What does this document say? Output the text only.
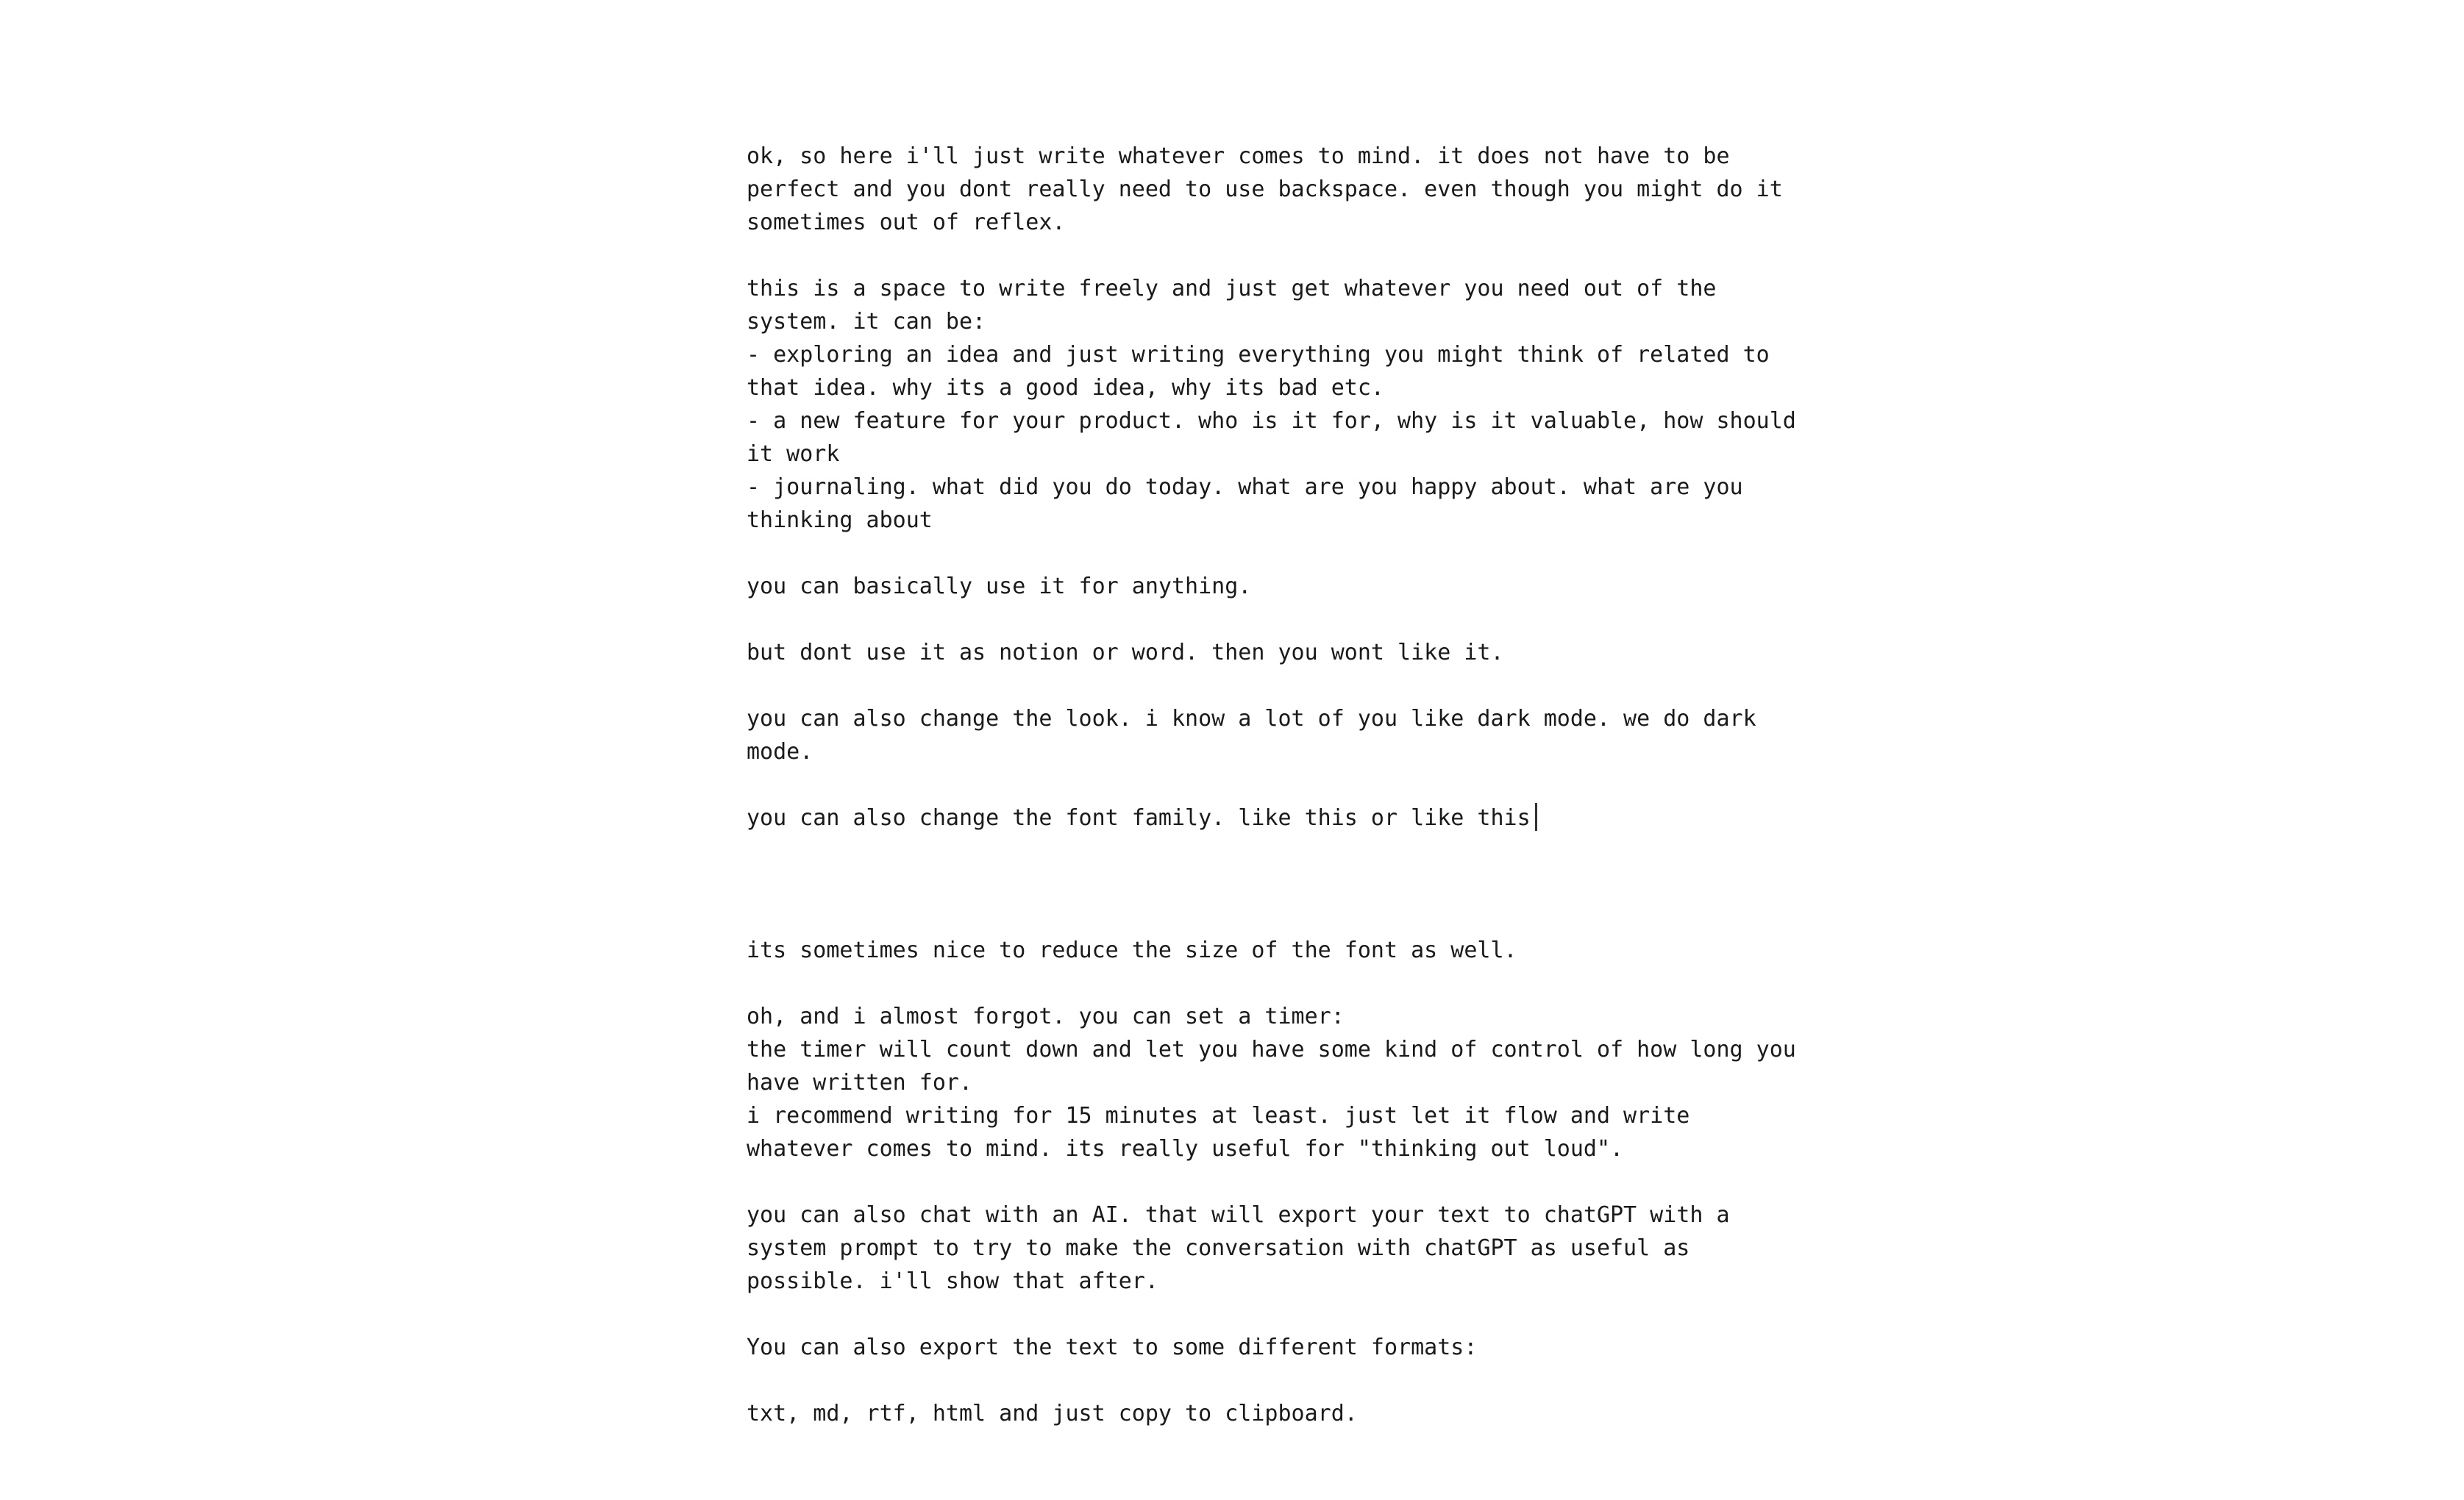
ok, so here i'll just write whatever comes to mind. it does not have to be
perfect and you dont really need to use backspace. even though you might do it
sometimes out of reflex.
this is a space to write freely and just get whatever you need out of the
system. it can be:
- exploring an idea and just writing everything you might think of related to
that idea. why its a good idea, why its bad etc.
- a new feature for your product. who is it for, why is it valuable, how should
it work
- journaling. what did you do today. what are you happy about. what are you
thinking about
you can basically use it for anything.
but dont use it as notion or word. then you wont like it.
you can also change the look. i know a lot of you like dark mode. we do dark
mode.
you can also change the font family. like this or like this
its sometimes nice to reduce the size of the font as well.
oh, and i almost forgot. you can set a timer:
the timer will count down and let you have some kind of control of how long you
have written for.
i recommend writing for 15 minutes at least. just let it flow and write
whatever comes to mind. its really useful for "thinking out loud".
you can also chat with an AI. that will export your text to chatGPT with a
system prompt to try to make the conversation with chatGPT as useful as
possible. i'll show that after.
You can also export the text to some different formats:
txt, md, rtf, html and just copy to clipboard.
